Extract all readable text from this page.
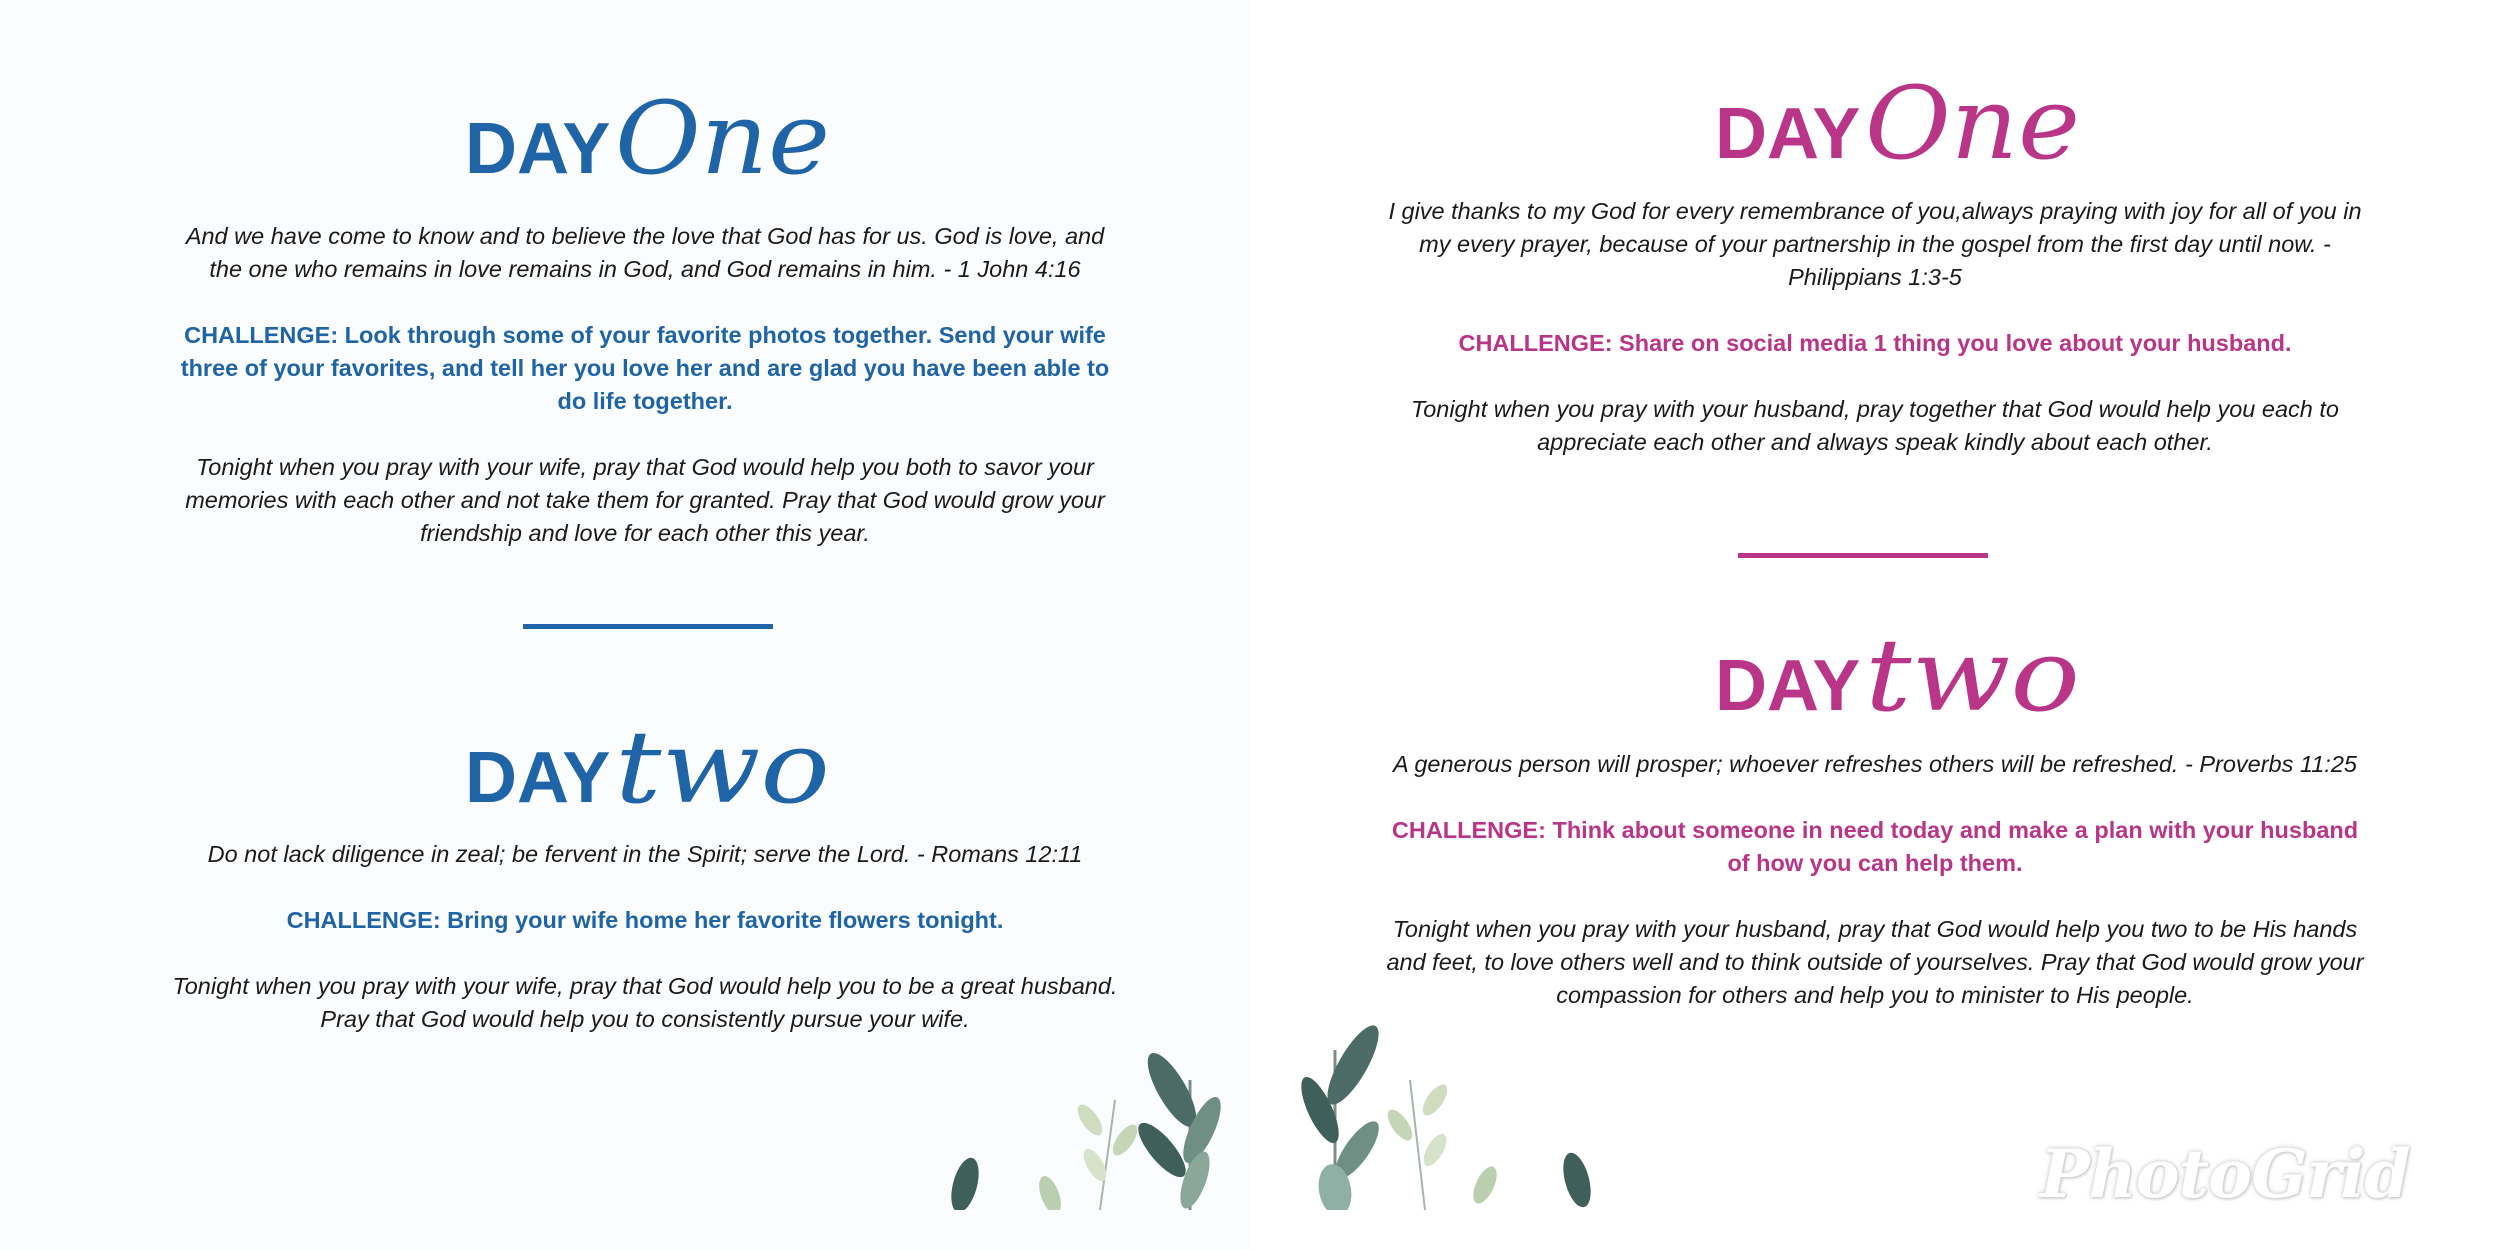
DAY One

And we have come to know and to believe the love that God has for us. God is love, and the one who remains in love remains in God, and God remains in him. - 1 John 4:16

CHALLENGE: Look through some of your favorite photos together. Send your wife three of your favorites, and tell her you love her and are glad you have been able to do life together.

Tonight when you pray with your wife, pray that God would help you both to savor your memories with each other and not take them for granted. Pray that God would grow your friendship and love for each other this year.

DAY two

Do not lack diligence in zeal; be fervent in the Spirit; serve the Lord. - Romans 12:11

CHALLENGE: Bring your wife home her favorite flowers tonight.

Tonight when you pray with your wife, pray that God would help you to be a great husband. Pray that God would help you to consistently pursue your wife.

DAY One

I give thanks to my God for every remembrance of you,always praying with joy for all of you in my every prayer, because of your partnership in the gospel from the first day until now. - Philippians 1:3-5

CHALLENGE: Share on social media 1 thing you love about your husband.

Tonight when you pray with your husband, pray together that God would help you each to appreciate each other and always speak kindly about each other.

DAY two

A generous person will prosper; whoever refreshes others will be refreshed. - Proverbs 11:25

CHALLENGE: Think about someone in need today and make a plan with your husband of how you can help them.

Tonight when you pray with your husband, pray that God would help you two to be His hands and feet, to love others well and to think outside of yourselves. Pray that God would grow your compassion for others and help you to minister to His people.

PhotoGrid
